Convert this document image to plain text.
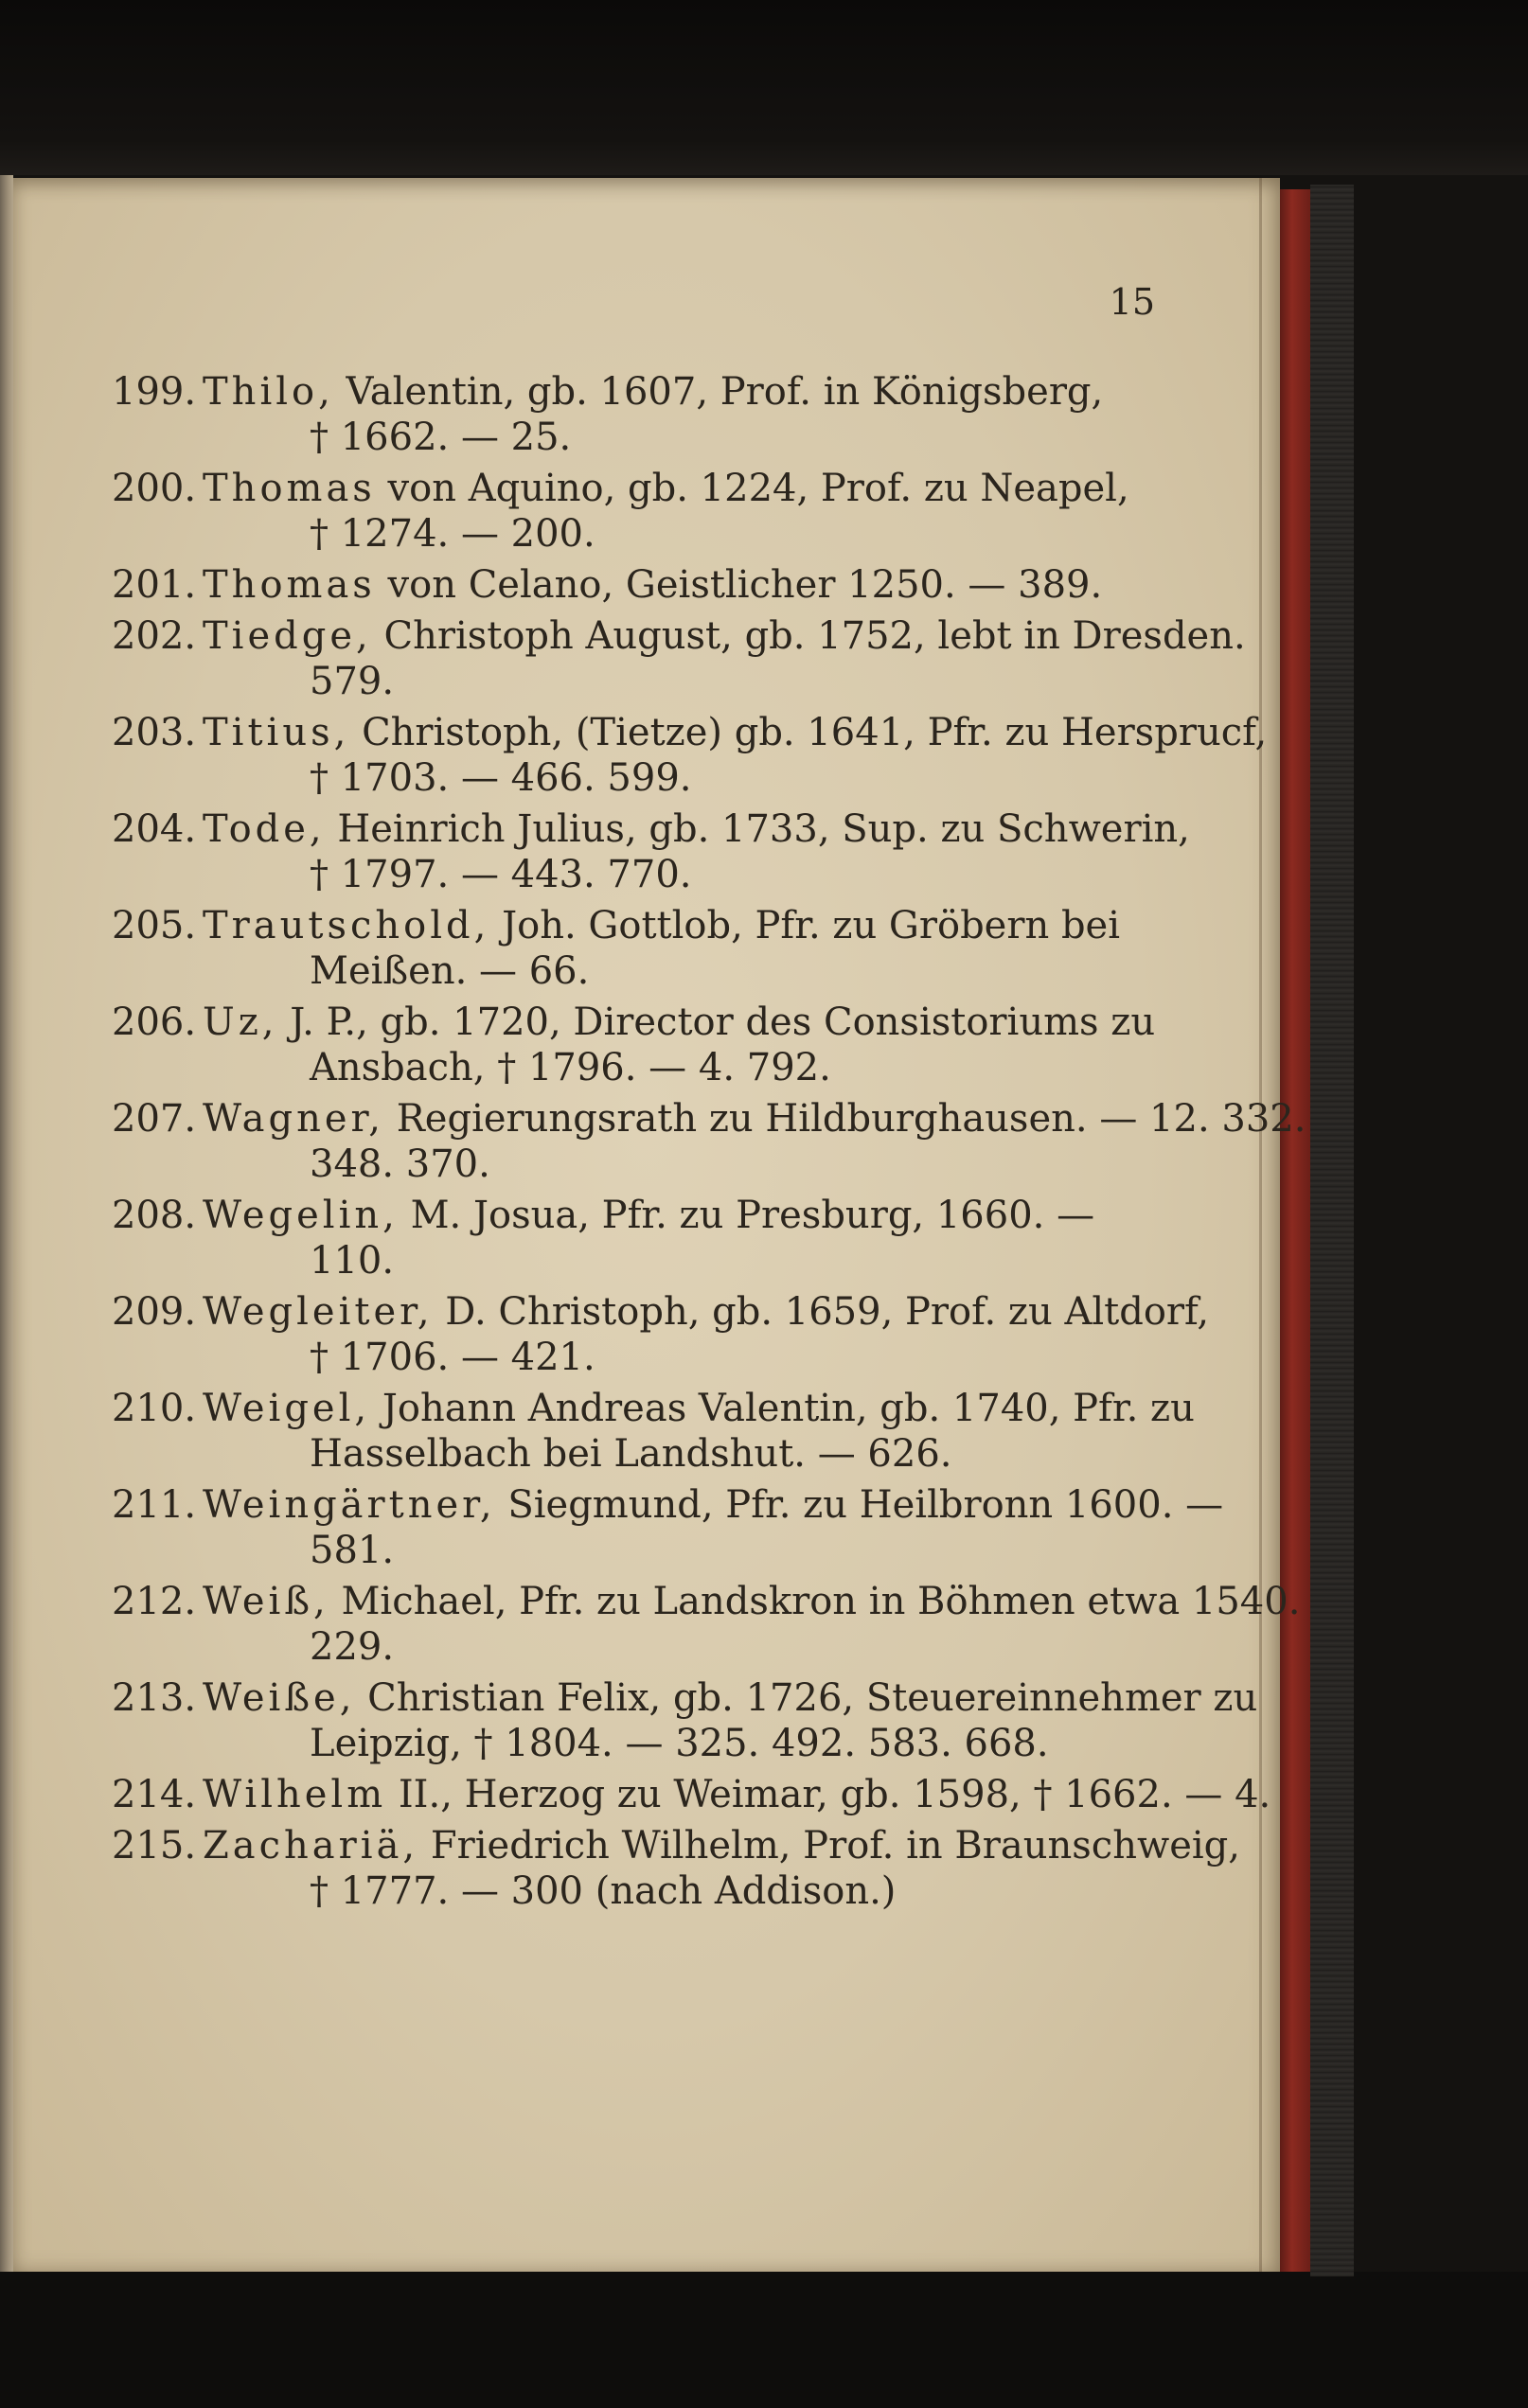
15
199. Thilo, Valentin, gb. 1607, Prof. in Königsberg,
† 1662. — 25.
200. Thomas von Aquino, gb. 1224, Prof. zu Neapel,
† 1274. — 200.
201. Thomas von Celano, Geistlicher 1250. — 389.
202. Tiedge, Christoph August, gb. 1752, lebt in Dresden.
579.
203. Titius, Christoph, (Tietze) gb. 1641, Pfr. zu Hersprucf,
† 1703. — 466. 599.
204. Tode, Heinrich Julius, gb. 1733, Sup. zu Schwerin,
† 1797. — 443. 770.
205. Trautschold, Joh. Gottlob, Pfr. zu Gröbern bei
Meißen. — 66.
206. Uz, J. P., gb. 1720, Director des Consistoriums zu
Ansbach, † 1796. — 4. 792.
207. Wagner, Regierungsrath zu Hildburghausen. — 12. 332.
348. 370.
208. Wegelin, M. Josua, Pfr. zu Presburg, 1660. —
110.
209. Wegleiter, D. Christoph, gb. 1659, Prof. zu Altdorf,
† 1706. — 421.
210. Weigel, Johann Andreas Valentin, gb. 1740, Pfr. zu
Hasselbach bei Landshut. — 626.
211. Weingärtner, Siegmund, Pfr. zu Heilbronn 1600. —
581.
212. Weiß, Michael, Pfr. zu Landskron in Böhmen etwa 1540.
229.
213. Weiße, Christian Felix, gb. 1726, Steuereinnehmer zu
Leipzig, † 1804. — 325. 492. 583. 668.
214. Wilhelm II., Herzog zu Weimar, gb. 1598, † 1662. — 4.
215. Zachariä, Friedrich Wilhelm, Prof. in Braunschweig,
† 1777. — 300 (nach Addison.)
